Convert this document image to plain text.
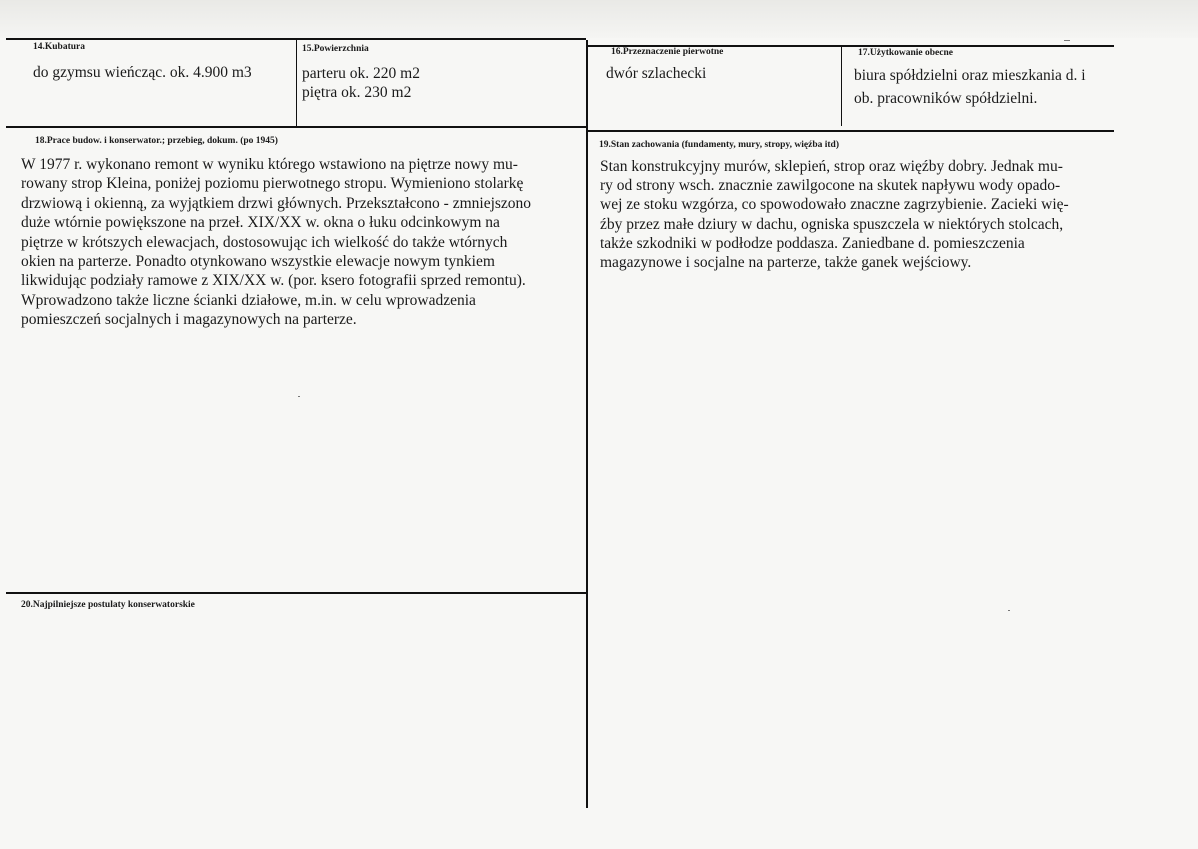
14.Kubatura
do gzymsu wieńcząc. ok. 4.900 m3
15.Powierzchnia
parteru ok. 220 m2
piętra ok. 230 m2
16.Przeznaczenie pierwotne
dwór szlachecki
17.Użytkowanie obecne
biura spółdzielni oraz mieszkania d. i
ob. pracowników spółdzielni.
18.Prace budow. i konserwator.; przebieg, dokum. (po 1945)
W 1977 r. wykonano remont w wyniku którego wstawiono na piętrze nowy mu-
rowany strop Kleina, poniżej poziomu pierwotnego stropu. Wymieniono stolarkę
drzwiową i okienną, za wyjątkiem drzwi głównych. Przekształcono - zmniejszono
duże wtórnie powiększone na przeł. XIX/XX w. okna o łuku odcinkowym na
piętrze w krótszych elewacjach, dostosowując ich wielkość do także wtórnych
okien na parterze. Ponadto otynkowano wszystkie elewacje nowym tynkiem
likwidując podziały ramowe z XIX/XX w. (por. ksero fotografii sprzed remontu).
Wprowadzono także liczne ścianki działowe, m.in. w celu wprowadzenia
pomieszczeń socjalnych i magazynowych na parterze.
19.Stan zachowania (fundamenty, mury, stropy, więźba itd)
Stan konstrukcyjny murów, sklepień, strop oraz więźby dobry. Jednak mu-
ry od strony wsch. znacznie zawilgocone na skutek napływu wody opado-
wej ze stoku wzgórza, co spowodowało znaczne zagrzybienie. Zacieki wię-
źby przez małe dziury w dachu, ogniska spuszczela w niektórych stolcach,
także szkodniki w podłodze poddasza. Zaniedbane d. pomieszczenia
magazynowe i socjalne na parterze, także ganek wejściowy.
20.Najpilniejsze postulaty konserwatorskie
